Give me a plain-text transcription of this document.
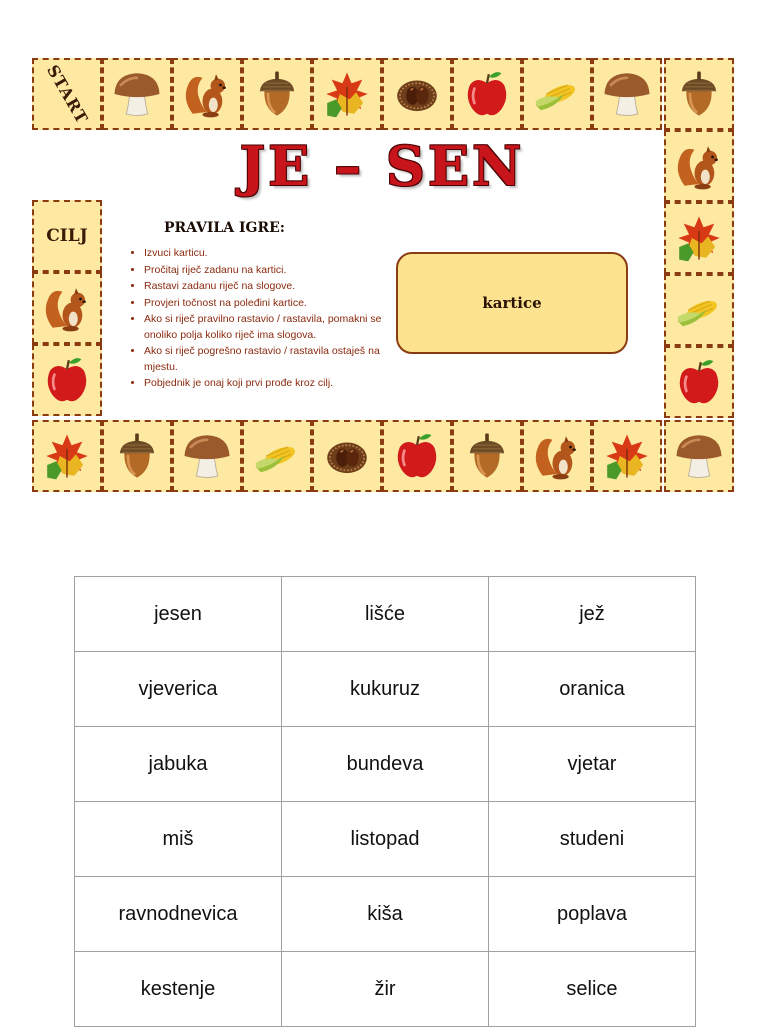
JE – SEN
PRAVILA IGRE:
• Izvuci karticu.
• Pročitaj riječ zadanu na kartici.
• Rastavi zadanu riječ na slogove.
• Provjeri točnost na poleđini kartice.
• Ako si riječ pravilno rastavio / rastavila, pomakni se onoliko polja koliko riječ ima slogova.
• Ako si riječ pogrešno rastavio / rastavila ostaješ na mjestu.
• Pobjednik je onaj koji prvi prođe kroz cilj.
kartice
START
CILJ
jesen	lišće	jež
vjeverica	kukuruz	oranica
jabuka	bundeva	vjetar
miš	listopad	studeni
ravnodnevica	kiša	poplava
kestenje	žir	selice
